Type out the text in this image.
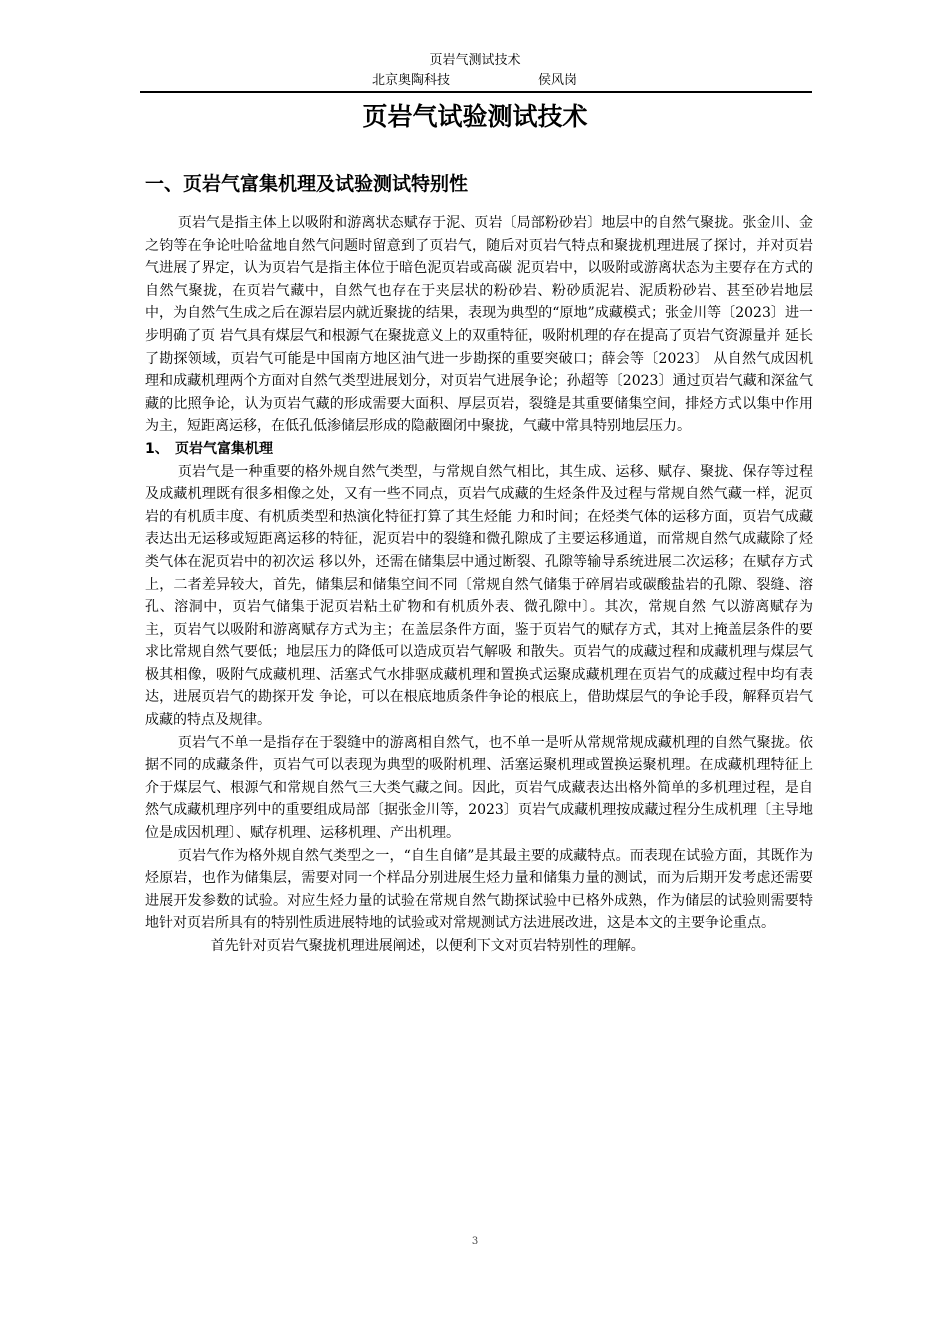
页岩气测试技术
北京奥陶科技	侯风岗
页岩气试验测试技术
一、页岩气富集机理及试验测试特别性

页岩气是指主体上以吸附和游离状态赋存于泥、页岩〔局部粉砂岩〕地层中的自然气聚拢。张金川、金之钧等在争论吐哈盆地自然气问题时留意到了页岩气，随后对页岩气特点和聚拢机理进展了探讨，并对页岩气进展了界定，认为页岩气是指主体位于暗色泥页岩或高碳 泥页岩中，以吸附或游离状态为主要存在方式的自然气聚拢，在页岩气藏中，自然气也存在于夹层状的粉砂岩、粉砂质泥岩、泥质粉砂岩、甚至砂岩地层中，为自然气生成之后在源岩层内就近聚拢的结果，表现为典型的“原地”成藏模式；张金川等〔2023〕进一步明确了页 岩气具有煤层气和根源气在聚拢意义上的双重特征，吸附机理的存在提高了页岩气资源量并 延长了勘探领域，页岩气可能是中国南方地区油气进一步勘探的重要突破口；薛会等〔2023〕 从自然气成因机理和成藏机理两个方面对自然气类型进展划分，对页岩气进展争论；孙超等〔2023〕通过页岩气藏和深盆气藏的比照争论，认为页岩气藏的形成需要大面积、厚层页岩，裂缝是其重要储集空间，排烃方式以集中作用为主，短距离运移，在低孔低渗储层形成的隐蔽圈闭中聚拢，气藏中常具特别地层压力。

1、 页岩气富集机理

页岩气是一种重要的格外规自然气类型，与常规自然气相比，其生成、运移、赋存、聚拢、保存等过程及成藏机理既有很多相像之处，又有一些不同点，页岩气成藏的生烃条件及过程与常规自然气藏一样，泥页岩的有机质丰度、有机质类型和热演化特征打算了其生烃能 力和时间；在烃类气体的运移方面，页岩气成藏表达出无运移或短距离运移的特征，泥页岩中的裂缝和微孔隙成了主要运移通道，而常规自然气成藏除了烃类气体在泥页岩中的初次运 移以外，还需在储集层中通过断裂、孔隙等输导系统进展二次运移；在赋存方式上，二者差异较大，首先，储集层和储集空间不同〔常规自然气储集于碎屑岩或碳酸盐岩的孔隙、裂缝、溶孔、溶洞中，页岩气储集于泥页岩粘土矿物和有机质外表、微孔隙中〕。其次，常规自然 气以游离赋存为主，页岩气以吸附和游离赋存方式为主；在盖层条件方面，鉴于页岩气的赋存方式，其对上掩盖层条件的要求比常规自然气要低；地层压力的降低可以造成页岩气解吸 和散失。页岩气的成藏过程和成藏机理与煤层气极其相像，吸附气成藏机理、活塞式气水排驱成藏机理和置换式运聚成藏机理在页岩气的成藏过程中均有表达，进展页岩气的勘探开发 争论，可以在根底地质条件争论的根底上，借助煤层气的争论手段，解释页岩气成藏的特点及规律。

页岩气不单一是指存在于裂缝中的游离相自然气，也不单一是听从常规常规成藏机理的自然气聚拢。依据不同的成藏条件，页岩气可以表现为典型的吸附机理、活塞运聚机理或置换运聚机理。在成藏机理特征上介于煤层气、根源气和常规自然气三大类气藏之间。因此，页岩气成藏表达出格外简单的多机理过程，是自然气成藏机理序列中的重要组成局部〔据张金川等，2023〕页岩气成藏机理按成藏过程分生成机理〔主导地位是成因机理〕、赋存机理、运移机理、产出机理。

页岩气作为格外规自然气类型之一，“自生自储”是其最主要的成藏特点。而表现在试验方面，其既作为烃原岩，也作为储集层，需要对同一个样品分别进展生烃力量和储集力量的测试，而为后期开发考虑还需要进展开发参数的试验。对应生烃力量的试验在常规自然气勘探试验中已格外成熟，作为储层的试验则需要特地针对页岩所具有的特别性质进展特地的试验或对常规测试方法进展改进，这是本文的主要争论重点。

首先针对页岩气聚拢机理进展阐述，以便利下文对页岩特别性的理解。

3
